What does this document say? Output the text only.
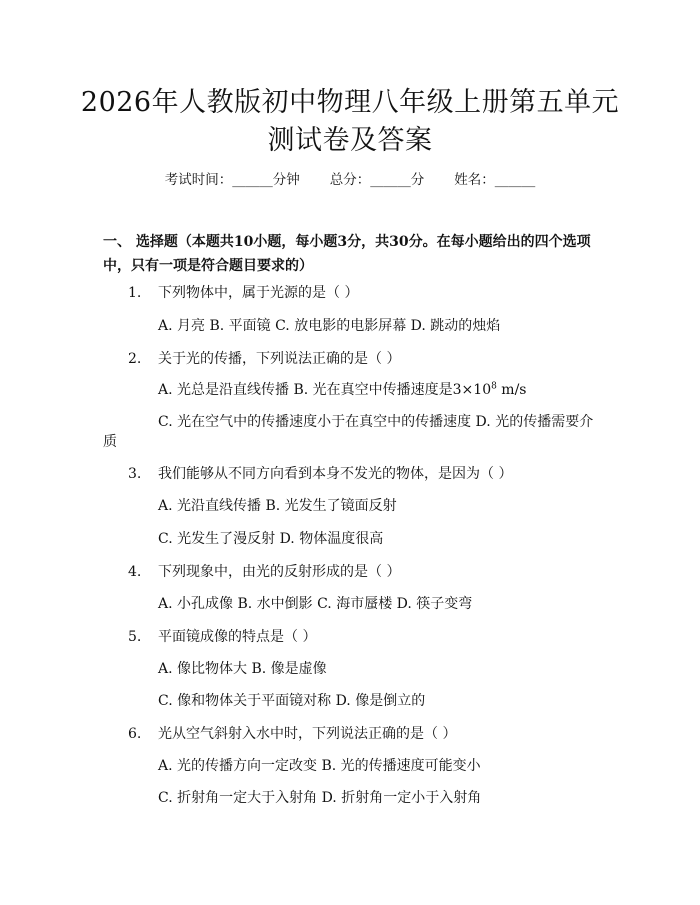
2026年人教版初中物理八年级上册第五单元
测试卷及答案
考试时间：______分钟 总分：______分 姓名：______
一、 选择题（本题共10小题，每小题3分，共30分。在每小题给出的四个选项中，只有一项是符合题目要求的）
1. 下列物体中，属于光源的是（ ）
A. 月亮 B. 平面镜 C. 放电影的电影屏幕 D. 跳动的烛焰
2. 关于光的传播，下列说法正确的是（ ）
A. 光总是沿直线传播 B. 光在真空中传播速度是$3\times 10^8$ m/s
C. 光在空气中的传播速度小于在真空中的传播速度 D. 光的传播需要介
质
3. 我们能够从不同方向看到本身不发光的物体，是因为（ ）
A. 光沿直线传播 B. 光发生了镜面反射
C. 光发生了漫反射 D. 物体温度很高
4. 下列现象中，由光的反射形成的是（ ）
A. 小孔成像 B. 水中倒影 C. 海市蜃楼 D. 筷子变弯
5. 平面镜成像的特点是（ ）
A. 像比物体大 B. 像是虚像
C. 像和物体关于平面镜对称 D. 像是倒立的
6. 光从空气斜射入水中时，下列说法正确的是（ ）
A. 光的传播方向一定改变 B. 光的传播速度可能变小
C. 折射角一定大于入射角 D. 折射角一定小于入射角
